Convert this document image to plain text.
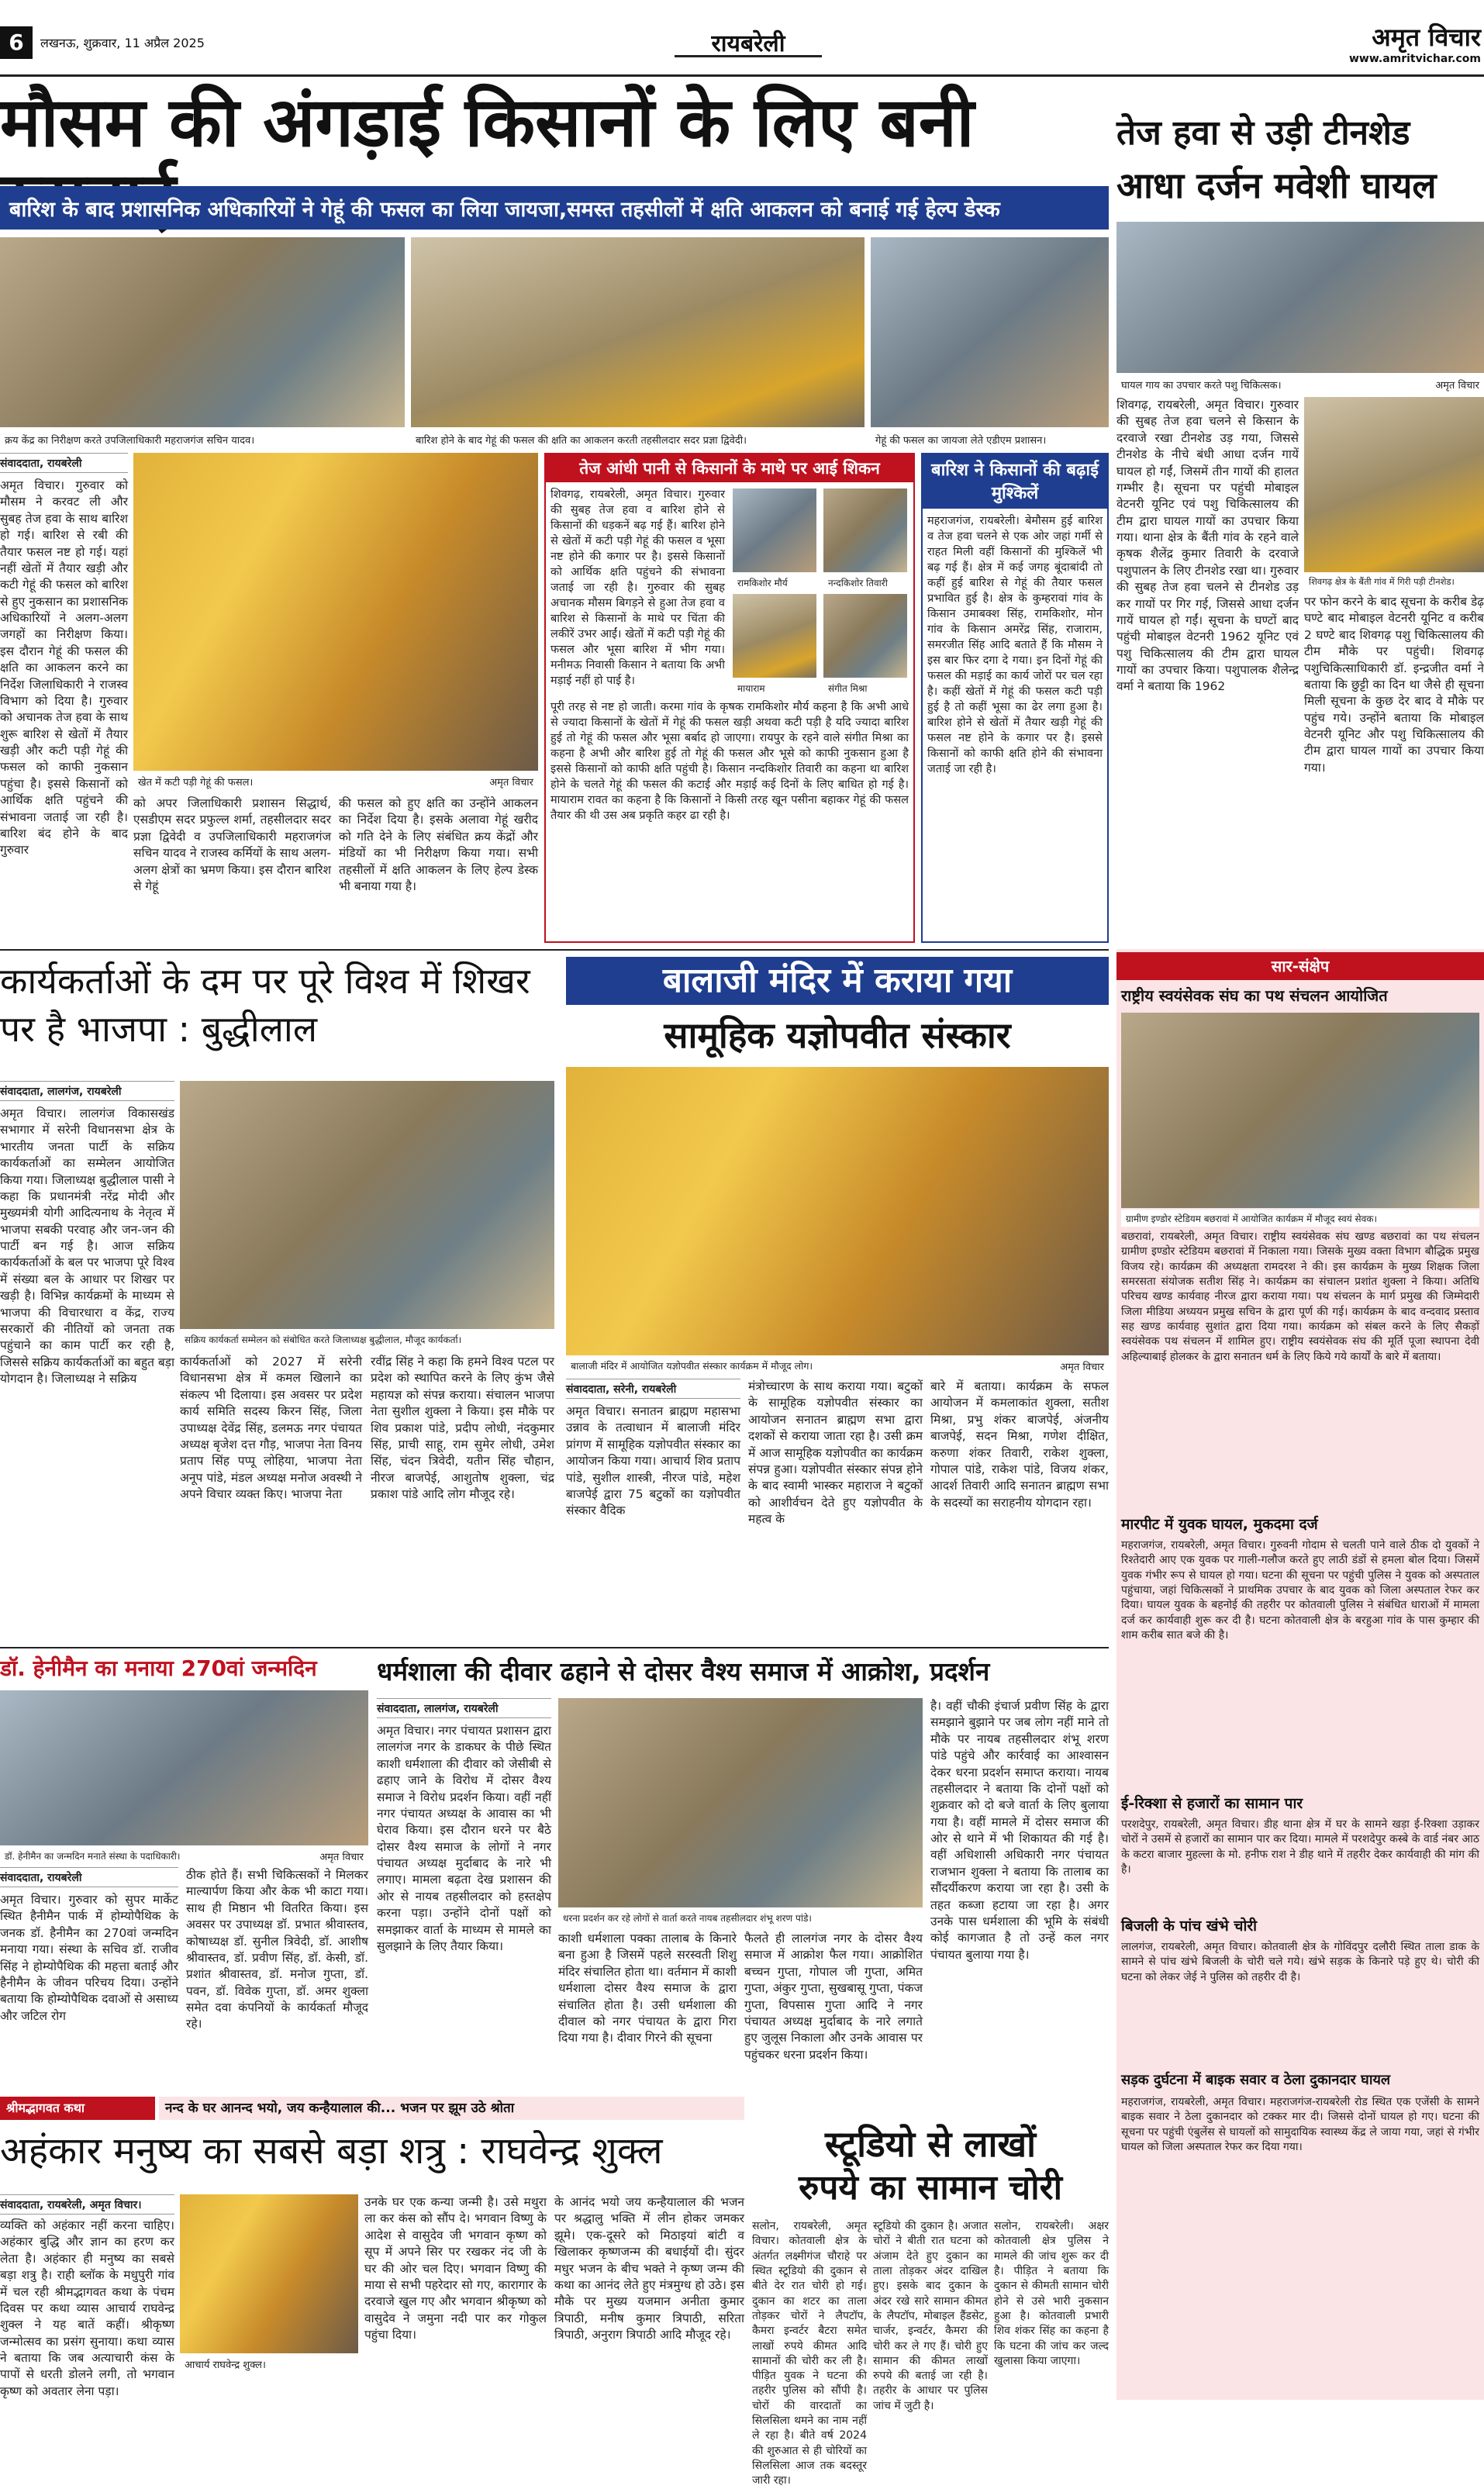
6	लखनऊ, शुक्रवार, 11 अप्रैल 2025	रायबरेली	अमृत विचार
www.amritvichar.com
मौसम की अंगड़ाई किसानों के लिए बनी
बारिश के बाद प्रशासनिक अधिकारियों ने गेहूं की फसल का लिया जायजा,समस्त तहसीलों में क्षति आकलन को बनाई गई हेल्प डेस्क
क्रय केंद्र का निरीक्षण करते उपजिलाधिकारी महराजगंज सचिन यादव।	बारिश होने के बाद गेहूं की फसल की क्षति का आकलन करती तहसीलदार सदर प्रज्ञा द्विवेदी।	गेहूं की फसल का जायजा लेते एडीएम प्रशासन।
संवाददाता, रायबरेली
अमृत विचार। गुरुवार को मौसम ने करवट ली और सुबह तेज हवा के साथ बारिश हो गई। बारिश से रबी की तैयार फसल नष्ट हो गई। यहां नहीं खेतों में तैयार खड़ी और कटी गेहूं की फसल को बारिश से हुए नुकसान का प्रशासनिक अधिकारियों ने अलग-अलग जगहों का निरीक्षण किया। इस दौरान गेहूं की फसल की क्षति का आकलन करने का निर्देश जिलाधिकारी ने राजस्व विभाग को दिया है। गुरुवार को अचानक तेज हवा के साथ शुरू बारिश से खेतों में तैयार खड़ी और कटी पड़ी गेहूं की फसल को काफी नुकसान पहुंचा है। इससे किसानों को आर्थिक क्षति पहुंचने की संभावना जताई जा रही है। बारिश बंद होने के बाद गुरुवार
खेत में कटी पड़ी गेहूं की फसल।	अमृत विचार
को अपर जिलाधिकारी प्रशासन सिद्धार्थ, एसडीएम सदर प्रफुल्ल शर्मा, तहसीलदार सदर प्रज्ञा द्विवेदी व उपजिलाधिकारी महराजगंज सचिन यादव ने राजस्व कर्मियों के साथ अलग-अलग क्षेत्रों का भ्रमण किया। इस दौरान बारिश से गेहूं
की फसल को हुए क्षति का उन्होंने आकलन का निर्देश दिया है। इसके अलावा गेहूं खरीद को गति देने के लिए संबंधित क्रय केंद्रों और मंडियों का भी निरीक्षण किया गया। सभी तहसीलों में क्षति आकलन के लिए हेल्प डेस्क भी बनाया गया है।
तेज आंधी पानी से किसानों के माथे पर आई शिकन
शिवगढ़, रायबरेली, अमृत विचार। गुरुवार की सुबह तेज हवा व बारिश होने से किसानों की धड़कनें बढ़ गई हैं। बारिश होने से खेतों में कटी पड़ी गेहूं की फसल व भूसा नष्ट होने की कगार पर है। इससे किसानों को आर्थिक क्षति पहुंचने की संभावना जताई जा रही है। गुरुवार की सुबह अचानक मौसम बिगड़ने से हुआ तेज हवा व बारिश से किसानों के माथे पर चिंता की लकीरें उभर आईं। खेतों में कटी पड़ी गेहूं की फसल और भूसा बारिश में भीग गया। मनीमऊ निवासी किसान ने बताया कि अभी मड़ाई नहीं हो पाई है।
रामकिशोर मौर्य	नन्दकिशोर तिवारी
मायाराम	संगीत मिश्रा
पूरी तरह से नष्ट हो जाती। करमा गांव के कृषक रामकिशोर मौर्य कहना है कि अभी आधे से ज्यादा किसानों के खेतों में गेहूं की फसल खड़ी अथवा कटी पड़ी है यदि ज्यादा बारिश हुई तो गेहूं की फसल और भूसा बर्बाद हो जाएगा। रायपुर के रहने वाले संगीत मिश्रा का कहना है अभी और बारिश हुई तो गेहूं की फसल और भूसे को काफी नुकसान हुआ है इससे किसानों को काफी क्षति पहुंची है। किसान नन्दकिशोर तिवारी का कहना था बारिश होने के चलते गेहूं की फसल की कटाई और मड़ाई कई दिनों के लिए बाधित हो गई है। मायाराम रावत का कहना है कि किसानों ने किसी तरह खून पसीना बहाकर गेहूं की फसल तैयार की थी उस अब प्रकृति कहर ढा रही है।
बारिश ने किसानों की बढ़ाई मुश्किलें
महराजगंज, रायबरेली। बेमौसम हुई बारिश व तेज हवा चलने से एक ओर जहां गर्मी से राहत मिली वहीं किसानों की मुश्किलें भी बढ़ गई हैं। क्षेत्र में कई जगह बूंदाबांदी तो कहीं हुई बारिश से गेहूं की तैयार फसल प्रभावित हुई है। क्षेत्र के कुम्हरावां गांव के किसान उमाबक्श सिंह, रामकिशोर, मोन गांव के किसान अमरेंद्र सिंह, राजाराम, समरजीत सिंह आदि बताते हैं कि मौसम ने इस बार फिर दगा दे गया। इन दिनों गेहूं की फसल की मड़ाई का कार्य जोरों पर चल रहा है। कहीं खेतों में गेहूं की फसल कटी पड़ी हुई है तो कहीं भूसा का ढेर लगा हुआ है। बारिश होने से खेतों में तैयार खड़ी गेहूं की फसल नष्ट होने के कगार पर है। इससे किसानों को काफी क्षति होने की संभावना जताई जा रही है।
तेज हवा से उड़ी टीनशेड
आधा दर्जन मवेशी घायल
घायल गाय का उपचार करते पशु चिकित्सक।	अमृत विचार
शिवगढ़, रायबरेली, अमृत विचार। गुरुवार की सुबह तेज हवा चलने से किसान के दरवाजे रखा टीनशेड उड़ गया, जिससे टीनशेड के नीचे बंधी आधा दर्जन गायें घायल हो गईं, जिसमें तीन गायों की हालत गम्भीर है। सूचना पर पहुंची मोबाइल वेटनरी यूनिट एवं पशु चिकित्सालय की टीम द्वारा घायल गायों का उपचार किया गया। थाना क्षेत्र के बैंती गांव के रहने वाले कृषक शैलेंद्र कुमार तिवारी के दरवाजे पशुपालन के लिए टीनशेड रखा था। गुरुवार की सुबह तेज हवा चलने से टीनशेड उड़ कर गायों पर गिर गई, जिससे आधा दर्जन गायें घायल हो गईं। सूचना के घण्टों बाद पहुंची मोबाइल वेटनरी 1962 यूनिट एवं पशु चिकित्सालय की टीम द्वारा घायल गायों का उपचार किया। पशुपालक शैलेन्द्र वर्मा ने बताया कि 1962
शिवगढ़ क्षेत्र के बैंती गांव में गिरी पड़ी टीनशेड।
पर फोन करने के बाद सूचना के करीब डेढ़ घण्टे बाद मोबाइल वेटनरी यूनिट व करीब 2 घण्टे बाद शिवगढ़ पशु चिकित्सालय की टीम मौके पर पहुंची। शिवगढ़ पशुचिकित्साधिकारी डॉ. इन्द्रजीत वर्मा ने बताया कि छुट्टी का दिन था जैसे ही सूचना मिली सूचना के कुछ देर बाद वे मौके पर पहुंच गये। उन्होंने बताया कि मोबाइल वेटनरी यूनिट और पशु चिकित्सालय की टीम द्वारा घायल गायों का उपचार किया गया।
कार्यकर्ताओं के दम पर पूरे विश्व में शिखर पर है भाजपा : बुद्धीलाल
संवाददाता, लालगंज, रायबरेली
सक्रिय कार्यकर्ता सम्मेलन को संबोधित करते जिलाध्यक्ष बुद्धीलाल, मौजूद कार्यकर्ता।
अमृत विचार। लालगंज विकासखंड सभागार में सरेनी विधानसभा क्षेत्र के भारतीय जनता पार्टी के सक्रिय कार्यकर्ताओं का सम्मेलन आयोजित किया गया। जिलाध्यक्ष बुद्धीलाल पासी ने कहा कि प्रधानमंत्री नरेंद्र मोदी और मुख्यमंत्री योगी आदित्यनाथ के नेतृत्व में भाजपा सबकी परवाह और जन-जन की पार्टी बन गई है। आज सक्रिय कार्यकर्ताओं के बल पर भाजपा पूरे विश्व में संख्या बल के आधार पर शिखर पर खड़ी है। विभिन्न कार्यक्रमों के माध्यम से भाजपा की विचारधारा व केंद्र, राज्य सरकारों की नीतियों को जनता तक पहुंचाने का काम पार्टी कर रही है, जिससे सक्रिय कार्यकर्ताओं का बहुत बड़ा योगदान है। जिलाध्यक्ष ने सक्रिय
कार्यकर्ताओं को 2027 में सरेनी विधानसभा क्षेत्र में कमल खिलाने का संकल्प भी दिलाया। इस अवसर पर प्रदेश कार्य समिति सदस्य किरन सिंह, जिला उपाध्यक्ष देवेंद्र सिंह, डलमऊ नगर पंचायत अध्यक्ष बृजेश दत्त गौड़, भाजपा नेता विनय प्रताप सिंह पप्पू लोहिया, भाजपा नेता अनूप पांडे, मंडल अध्यक्ष मनोज अवस्थी ने अपने विचार व्यक्त किए। भाजपा नेता
रवींद्र सिंह ने कहा कि हमने विश्व पटल पर प्रदेश को स्थापित करने के लिए कुंभ जैसे महायज्ञ को संपन्न कराया। संचालन भाजपा नेता सुशील शुक्ला ने किया। इस मौके पर शिव प्रकाश पांडे, प्रदीप लोधी, नंदकुमार सिंह, प्राची साहू, राम सुमेर लोधी, उमेश सिंह, चंदन त्रिवेदी, यतीन सिंह चौहान, नीरज बाजपेई, आशुतोष शुक्ला, चंद्र प्रकाश पांडे आदि लोग मौजूद रहे।
बालाजी मंदिर में कराया गया
सामूहिक यज्ञोपवीत संस्कार
बालाजी मंदिर में आयोजित यज्ञोपवीत संस्कार कार्यक्रम में मौजूद लोग।	अमृत विचार
संवाददाता, सरेनी, रायबरेली
अमृत विचार। सनातन ब्राह्मण महासभा उन्नाव के तत्वाधान में बालाजी मंदिर प्रांगण में सामूहिक यज्ञोपवीत संस्कार का आयोजन किया गया। आचार्य शिव प्रताप पांडे, सुशील शास्त्री, नीरज पांडे, महेश बाजपेई द्वारा 75 बटुकों का यज्ञोपवीत संस्कार वैदिक
मंत्रोच्चारण के साथ कराया गया। बटुकों के सामूहिक यज्ञोपवीत संस्कार का आयोजन सनातन ब्राह्मण सभा द्वारा दशकों से कराया जाता रहा है। उसी क्रम में आज सामूहिक यज्ञोपवीत का कार्यक्रम संपन्न हुआ। यज्ञोपवीत संस्कार संपन्न होने के बाद स्वामी भास्कर महाराज ने बटुकों को आशीर्वचन देते हुए यज्ञोपवीत के महत्व के
बारे में बताया। कार्यक्रम के सफल आयोजन में कमलाकांत शुक्ला, सतीश मिश्रा, प्रभु शंकर बाजपेई, अंजनीय बाजपेई, सदन मिश्रा, गणेश दीक्षित, करुणा शंकर तिवारी, राकेश शुक्ला, गोपाल पांडे, राकेश पांडे, विजय शंकर, आदर्श तिवारी आदि सनातन ब्राह्मण सभा के सदस्यों का सराहनीय योगदान रहा।
डॉ. हेनीमैन का मनाया 270वां जन्मदिन
डॉ. हेनीमैन का जन्मदिन मनाते संस्था के पदाधिकारी।	अमृत विचार
संवाददाता, रायबरेली
अमृत विचार। गुरुवार को सुपर मार्केट स्थित हैनीमैन पार्क में होम्योपैथिक के जनक डॉ. हैनीमैन का 270वां जन्मदिन मनाया गया। संस्था के सचिव डॉ. राजीव सिंह ने होम्योपैथिक की महत्ता बताई और हैनीमैन के जीवन परिचय दिया। उन्होंने बताया कि होम्योपैथिक दवाओं से असाध्य और जटिल रोग
ठीक होते हैं। सभी चिकित्सकों ने मिलकर माल्यार्पण किया और केक भी काटा गया। साथ ही मिष्ठान भी वितरित किया। इस अवसर पर उपाध्यक्ष डॉ. प्रभात श्रीवास्तव, कोषाध्यक्ष डॉ. सुनील त्रिवेदी, डॉ. आशीष श्रीवास्तव, डॉ. प्रवीण सिंह, डॉ. केसी, डॉ. प्रशांत श्रीवास्तव, डॉ. मनोज गुप्ता, डॉ. पवन, डॉ. विवेक गुप्ता, डॉ. अमर शुक्ला समेत दवा कंपनियों के कार्यकर्ता मौजूद रहे।
धर्मशाला की दीवार ढहाने से दोसर वैश्य समाज में आक्रोश, प्रदर्शन
संवाददाता, लालगंज, रायबरेली
अमृत विचार। नगर पंचायत प्रशासन द्वारा लालगंज नगर के डाकघर के पीछे स्थित काशी धर्मशाला की दीवार को जेसीबी से ढहाए जाने के विरोध में दोसर वैश्य समाज ने विरोध प्रदर्शन किया। वहीं नहीं नगर पंचायत अध्यक्ष के आवास का भी घेराव किया। इस दौरान धरने पर बैठे दोसर वैश्य समाज के लोगों ने नगर पंचायत अध्यक्ष मुर्दाबाद के नारे भी लगाए। मामला बढ़ता देख प्रशासन की ओर से नायब तहसीलदार को हस्तक्षेप करना पड़ा। उन्होंने दोनों पक्षों को समझाकर वार्ता के माध्यम से मामले का सुलझाने के लिए तैयार किया।
धरना प्रदर्शन कर रहे लोगों से वार्ता करते नायब तहसीलदार शंभू शरण पांडे।
काशी धर्मशाला पक्का तालाब के किनारे बना हुआ है जिसमें पहले सरस्वती शिशु मंदिर संचालित होता था। वर्तमान में काशी धर्मशाला दोसर वैश्य समाज के द्वारा संचालित होता है। उसी धर्मशाला की दीवाल को नगर पंचायत के द्वारा गिरा दिया गया है। दीवार गिरने की सूचना
फैलते ही लालगंज नगर के दोसर वैश्य समाज में आक्रोश फैल गया। आक्रोशित बच्चन गुप्ता, गोपाल जी गुप्ता, अमित गुप्ता, अंकुर गुप्ता, सुखबासू गुप्ता, पंकज गुप्ता, विपसास गुप्ता आदि ने नगर पंचायत अध्यक्ष मुर्दाबाद के नारे लगाते हुए जुलूस निकाला और उनके आवास पर पहुंचकर धरना प्रदर्शन किया।
है। वहीं चौकी इंचार्ज प्रवीण सिंह के द्वारा समझाने बुझाने पर जब लोग नहीं माने तो मौके पर नायब तहसीलदार शंभू शरण पांडे पहुंचे और कार्रवाई का आश्वासन देकर धरना प्रदर्शन समाप्त कराया। नायब तहसीलदार ने बताया कि दोनों पक्षों को शुक्रवार को दो बजे वार्ता के लिए बुलाया गया है। वहीं मामले में दोसर समाज की ओर से थाने में भी शिकायत की गई है। वहीं अधिशासी अधिकारी नगर पंचायत राजभान शुक्ला ने बताया कि तालाब का सौंदर्यीकरण कराया जा रहा है। उसी के तहत कब्जा हटाया जा रहा है। अगर उनके पास धर्मशाला की भूमि के संबंधी कोई कागजात है तो उन्हें कल नगर पंचायत बुलाया गया है।
श्रीमद्भागवत कथा	नन्द के घर आनन्द भयो, जय कन्हैयालाल की... भजन पर झूम उठे श्रोता
अहंकार मनुष्य का सबसे बड़ा शत्रु : राघवेन्द्र शुक्ल
संवाददाता, रायबरेली, अमृत विचार।
व्यक्ति को अहंकार नहीं करना चाहिए। अहंकार बुद्धि और ज्ञान का हरण कर लेता है। अहंकार ही मनुष्य का सबसे बड़ा शत्रु है। राही ब्लॉक के मधुपुरी गांव में चल रही श्रीमद्भागवत कथा के पंचम दिवस पर कथा व्यास आचार्य राघवेन्द्र शुक्ल ने यह बातें कहीं। श्रीकृष्ण जन्मोत्सव का प्रसंग सुनाया। कथा व्यास ने बताया कि जब अत्याचारी कंस के पापों से धरती डोलने लगी, तो भगवान कृष्ण को अवतार लेना पड़ा।
आचार्य राघवेन्द्र शुक्ल।
उनके घर एक कन्या जन्मी है। उसे मथुरा ला कर कंस को सौंप दे। भगवान विष्णु के आदेश से वासुदेव जी भगवान कृष्ण को सूप में अपने सिर पर रखकर नंद जी के घर की ओर चल दिए। भगवान विष्णु की माया से सभी पहरेदार सो गए, कारागार के दरवाजे खुल गए और भगवान श्रीकृष्ण को वासुदेव ने जमुना नदी पार कर गोकुल पहुंचा दिया।
के आनंद भयो जय कन्हैयालाल की भजन पर श्रद्धालु भक्ति में लीन होकर जमकर झूमे। एक-दूसरे को मिठाइयां बांटी व खिलाकर कृष्णजन्म की बधाईयों दी। सुंदर मधुर भजन के बीच भक्ते ने कृष्ण जन्म की कथा का आनंद लेते हुए मंत्रमुग्ध हो उठे। इस मौके पर मुख्य यजमान अनीता कुमार त्रिपाठी, मनीष कुमार त्रिपाठी, सरिता त्रिपाठी, अनुराग त्रिपाठी आदि मौजूद रहे।
स्टूडियो से लाखों
रुपये का सामान चोरी
सलोन, रायबरेली, अमृत विचार। कोतवाली क्षेत्र के अंतर्गत लक्ष्मीगंज चौराहे पर स्थित स्टूडियो की दुकान से बीते देर रात चोरी हो गई। दुकान का शटर का ताला तोड़कर चोरों ने लैपटॉप, कैमरा इन्वर्टर बैटरा समेत लाखों रुपये कीमत आदि सामानों की चोरी कर ली है। पीड़ित युवक ने घटना की तहरीर पुलिस को सौंपी है। चोरों की वारदातों का सिलसिला थमने का नाम नहीं ले रहा है। बीते वर्ष 2024 की शुरुआत से ही चोरियों का सिलसिला आज तक बदस्तूर जारी रहा।
स्टूडियो की दुकान है। अजात चोरों ने बीती रात घटना को अंजाम देते हुए दुकान का ताला तोड़कर अंदर दाखिल हुए। इसके बाद दुकान के अंदर रखे सारे सामान कीमत के लैपटॉप, मोबाइल हैंडसेट, चार्जर, इन्वर्टर, कैमरा की चोरी कर ले गए हैं। चोरी हुए सामान की कीमत लाखों रुपये की बताई जा रही है। तहरीर के आधार पर पुलिस जांच में जुटी है।
सलोन, रायबरेली। अक्षर कोतवाली क्षेत्र पुलिस ने मामले की जांच शुरू कर दी है। पीड़ित ने बताया कि दुकान से कीमती सामान चोरी होने से उसे भारी नुकसान हुआ है। कोतवाली प्रभारी शिव शंकर सिंह का कहना है कि घटना की जांच कर जल्द खुलासा किया जाएगा।
सार-संक्षेप
राष्ट्रीय स्वयंसेवक संघ का पथ संचलन आयोजित
ग्रामीण इण्डोर स्टेडियम बछरावां में आयोजित कार्यक्रम में मौजूद स्वयं सेवक।
बछरावां, रायबरेली, अमृत विचार। राष्ट्रीय स्वयंसेवक संघ खण्ड बछरावां का पथ संचलन ग्रामीण इण्डोर स्टेडियम बछरावां में निकाला गया। जिसके मुख्य वक्ता विभाग बौद्धिक प्रमुख विजय रहे। कार्यक्रम की अध्यक्षता रामदरश ने की। इस कार्यक्रम के मुख्य शिक्षक जिला समरसता संयोजक सतीश सिंह ने। कार्यक्रम का संचालन प्रशांत शुक्ला ने किया। अतिथि परिचय खण्ड कार्यवाह नीरज द्वारा कराया गया। पथ संचलन के मार्ग प्रमुख की जिम्मेदारी जिला मीडिया अध्ययन प्रमुख सचिन के द्वारा पूर्ण की गई। कार्यक्रम के बाद वन्दवाद प्रस्ताव सह खण्ड कार्यवाह सुशांत द्वारा दिया गया। कार्यक्रम को संबल करने के लिए सैकड़ों स्वयंसेवक पथ संचलन में शामिल हुए। राष्ट्रीय स्वयंसेवक संघ की मूर्ति पूजा स्थापना देवी अहिल्याबाई होलकर के द्वारा सनातन धर्म के लिए किये गये कार्यों के बारे में बताया।
मारपीट में युवक घायल, मुकदमा दर्ज
महराजगंज, रायबरेली, अमृत विचार। गुरुवनी गोदाम से चलती पाने वाले ठीक दो युवकों ने रिश्तेदारी आए एक युवक पर गाली-गलौज करते हुए लाठी डंडों से हमला बोल दिया। जिसमें युवक गंभीर रूप से घायल हो गया। घटना की सूचना पर पहुंची पुलिस ने युवक को अस्पताल पहुंचाया, जहां चिकित्सकों ने प्राथमिक उपचार के बाद युवक को जिला अस्पताल रेफर कर दिया। घायल युवक के बहनोई की तहरीर पर कोतवाली पुलिस ने संबंधित धाराओं में मामला दर्ज कर कार्यवाही शुरू कर दी है। घटना कोतवाली क्षेत्र के बरहुआ गांव के पास कुम्हार की शाम करीब सात बजे की है।
ई-रिक्शा से हजारों का सामान पार
परशदेपुर, रायबरेली, अमृत विचार। डीह थाना क्षेत्र में घर के सामने खड़ा ई-रिक्शा उड़ाकर चोरों ने उसमें से हजारों का सामान पार कर दिया। मामले में परशदेपुर कस्बे के वार्ड नंबर आठ के कटरा बाजार मुहल्ला के मो. हनीफ राश ने डीह थाने में तहरीर देकर कार्यवाही की मांग की है।
बिजली के पांच खंभे चोरी
लालगंज, रायबरेली, अमृत विचार। कोतवाली क्षेत्र के गोविंदपुर दलौरी स्थित ताला डाक के सामने से पांच खंभे बिजली के चोरी चले गये। खंभे सड़क के किनारे पड़े हुए थे। चोरी की घटना को लेकर जेई ने पुलिस को तहरीर दी है।
सड़क दुर्घटना में बाइक सवार व ठेला दुकानदार घायल
महराजगंज, रायबरेली, अमृत विचार। महराजगंज-रायबरेली रोड स्थित एक एजेंसी के सामने बाइक सवार ने ठेला दुकानदार को टक्कर मार दी। जिससे दोनों घायल हो गए। घटना की सूचना पर पहुंची एंबुलेंस से घायलों को सामुदायिक स्वास्थ्य केंद्र ले जाया गया, जहां से गंभीर घायल को जिला अस्पताल रेफर कर दिया गया।
